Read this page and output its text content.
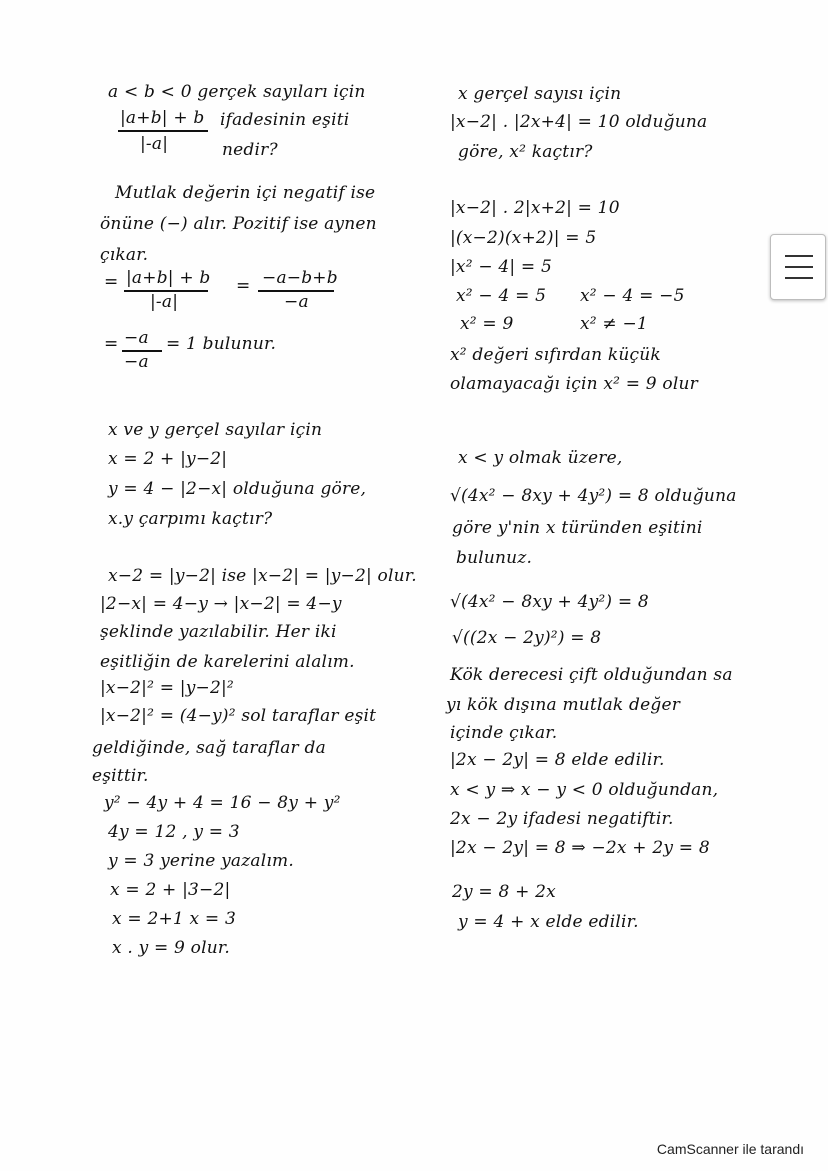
a < b < 0 gerçek sayıları için
|a+b| + b ifadesinin eşiti
|-a|	nedir?
Mutlak değerin içi negatif ise
önüne (−) alır. Pozitif ise aynen
çıkar.
= |a+b| + b = −a−b+b
|-a|	−a
= −a = 1 bulunur.
−a
x ve y gerçel sayılar için
x = 2 + |y−2|
y = 4 − |2−x| olduğuna göre,
x.y çarpımı kaçtır?
x−2 = |y−2| ise |x−2| = |y−2| olur.
|2−x| = 4−y → |x−2| = 4−y
şeklinde yazılabilir. Her iki
eşitliğin de karelerini alalım.
|x−2|² = |y−2|²
|x−2|² = (4−y)² sol taraflar eşit
geldiğinde, sağ taraflar da
eşittir.
y² − 4y + 4 = 16 − 8y + y²
4y = 12 , y = 3
y = 3 yerine yazalım.
x = 2 + |3−2|
x = 2+1 x = 3
x . y = 9 olur.
x gerçel sayısı için
|x−2| . |2x+4| = 10 olduğuna
göre, x² kaçtır?
|x−2| . 2|x+2| = 10
|(x−2)(x+2)| = 5
|x² − 4| = 5
x² − 4 = 5 x² − 4 = −5
x² = 9	x² ≠ −1
x² değeri sıfırdan küçük
olamayacağı için x² = 9 olur
x < y olmak üzere,
√(4x² − 8xy + 4y²) = 8 olduğuna
göre y'nin x türünden eşitini
bulunuz.
√(4x² − 8xy + 4y²) = 8
√((2x − 2y)²) = 8
Kök derecesi çift olduğundan sa
yı kök dışına mutlak değer
içinde çıkar.
|2x − 2y| = 8 elde edilir.
x < y ⇒ x − y < 0 olduğundan,
2x − 2y ifadesi negatiftir.
|2x − 2y| = 8 ⇒ −2x + 2y = 8
2y = 8 + 2x
y = 4 + x elde edilir.
CamScanner ile tarandı
